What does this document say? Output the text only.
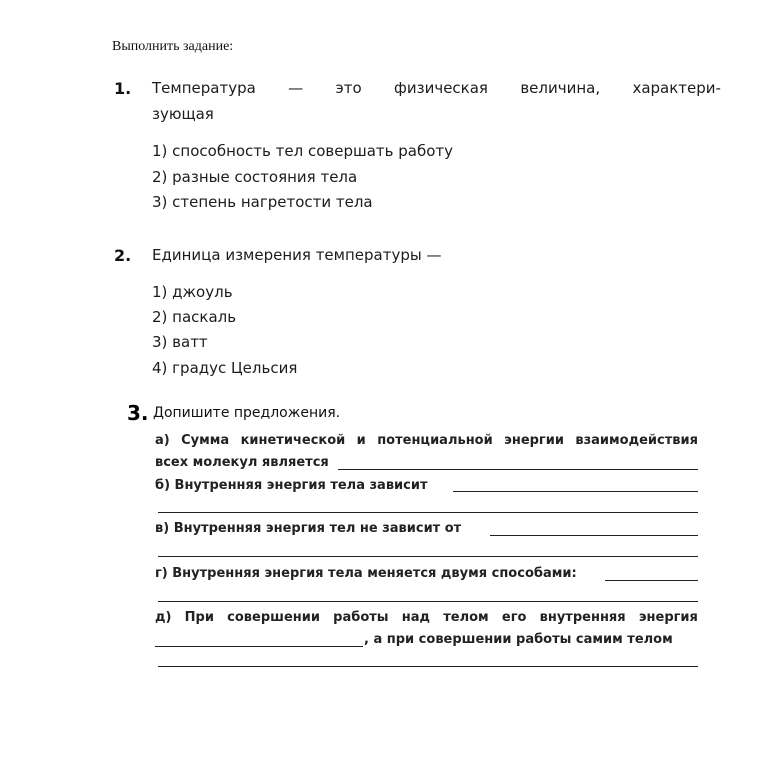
Выполнить задание:
1. Температура — это физическая величина, характери-
зующая
1) способность тел совершать работу
2) разные состояния тела
3) степень нагретости тела
2. Единица измерения температуры —
1) джоуль
2) паскаль
3) ватт
4) градус Цельсия
3. Допишите предложения.
а) Сумма кинетической и потенциальной энергии взаимодействия
всех молекул является
б) Внутренняя энергия тела зависит
в) Внутренняя энергия тел не зависит от
г) Внутренняя энергия тела меняется двумя способами:
д) При совершении работы над телом его внутренняя энергия
, а при совершении работы самим телом
